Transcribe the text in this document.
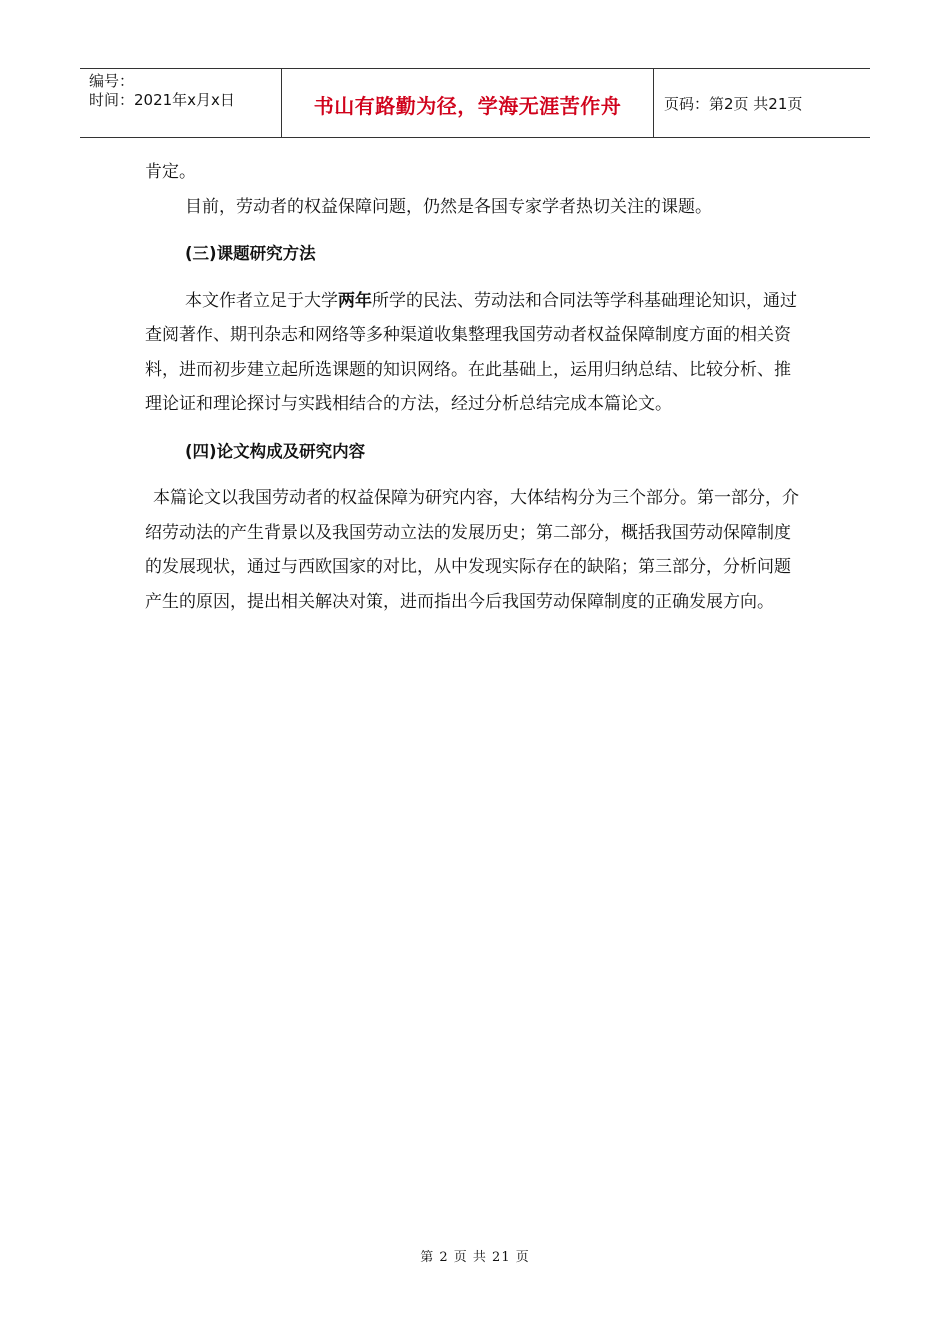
编号：
时间：2021年x月x日	书山有路勤为径，学海无涯苦作舟	页码：第2页 共21页

肯定。

目前，劳动者的权益保障问题，仍然是各国专家学者热切关注的课题。

(三)课题研究方法

本文作者立足于大学两年所学的民法、劳动法和合同法等学科基础理论知识，通过查阅著作、期刊杂志和网络等多种渠道收集整理我国劳动者权益保障制度方面的相关资料，进而初步建立起所选课题的知识网络。在此基础上，运用归纳总结、比较分析、推理论证和理论探讨与实践相结合的方法，经过分析总结完成本篇论文。

(四)论文构成及研究内容

本篇论文以我国劳动者的权益保障为研究内容，大体结构分为三个部分。第一部分，介绍劳动法的产生背景以及我国劳动立法的发展历史；第二部分，概括我国劳动保障制度的发展现状，通过与西欧国家的对比，从中发现实际存在的缺陷；第三部分，分析问题产生的原因，提出相关解决对策，进而指出今后我国劳动保障制度的正确发展方向。

第 2 页 共 21 页
